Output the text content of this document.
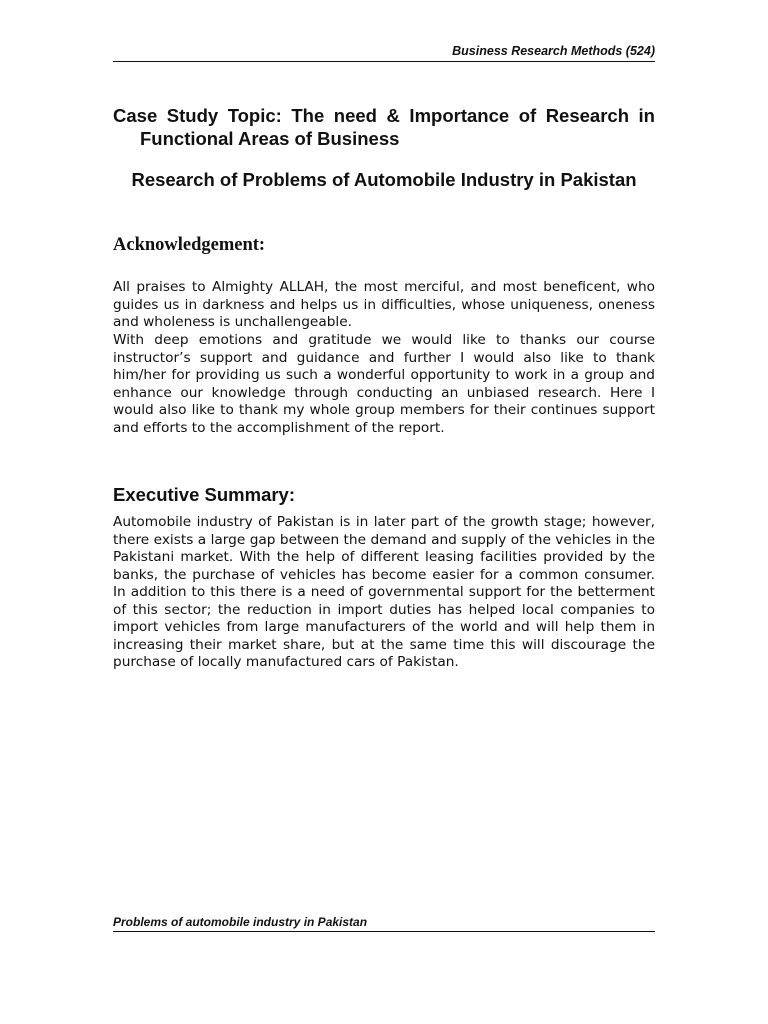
Business Research Methods (524)
Case Study Topic: The need & Importance of Research in Functional Areas of Business
Research of Problems of Automobile Industry in Pakistan
Acknowledgement:

All praises to Almighty ALLAH, the most merciful, and most beneficent, who guides us in darkness and helps us in difficulties, whose uniqueness, oneness and wholeness is unchallengeable.

With deep emotions and gratitude we would like to thanks our course instructor’s support and guidance and further I would also like to thank him/her for providing us such a wonderful opportunity to work in a group and enhance our knowledge through conducting an unbiased research. Here I would also like to thank my whole group members for their continues support and efforts to the accomplishment of the report.

Executive Summary:

Automobile industry of Pakistan is in later part of the growth stage; however, there exists a large gap between the demand and supply of the vehicles in the Pakistani market. With the help of different leasing facilities provided by the banks, the purchase of vehicles has become easier for a common consumer. In addition to this there is a need of governmental support for the betterment of this sector; the reduction in import duties has helped local companies to import vehicles from large manufacturers of the world and will help them in increasing their market share, but at the same time this will discourage the purchase of locally manufactured cars of Pakistan.

Problems of automobile industry in Pakistan
